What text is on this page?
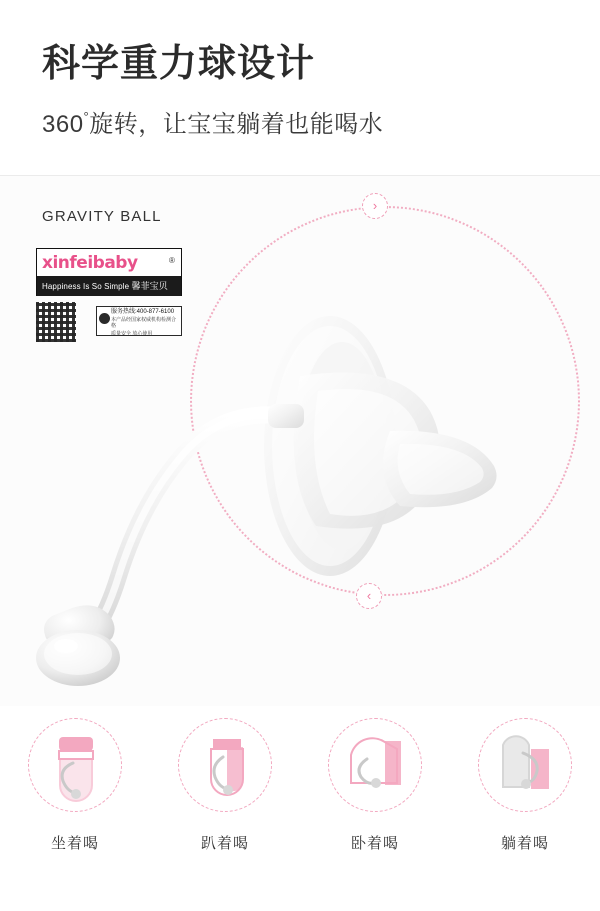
科学重力球设计
360°旋转，让宝宝躺着也能喝水
GRAVITY BALL
xinfeibaby	®
Happiness Is So Simple 馨菲宝贝
服务热线:400-877-6100
本产品经国家权威机构检测合格
质量安全 放心使用
›
‹
坐着喝	趴着喝	卧着喝	躺着喝
